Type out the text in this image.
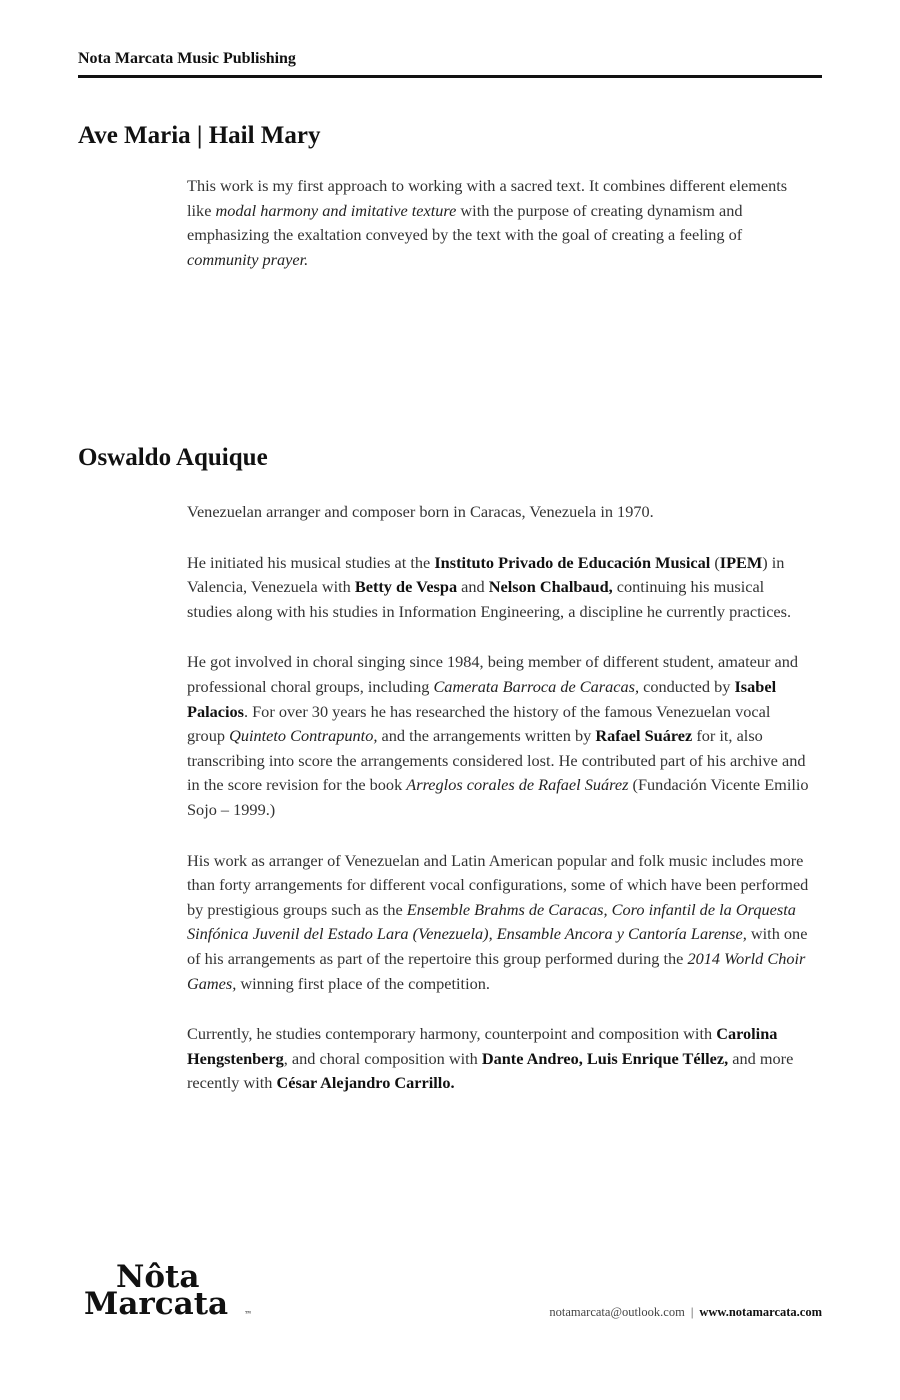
Nota Marcata Music Publishing
Ave Maria | Hail Mary

This work is my first approach to working with a sacred text. It combines different elements like modal harmony and imitative texture with the purpose of creating dynamism and emphasizing the exaltation conveyed by the text with the goal of creating a feeling of community prayer.

Oswaldo Aquique

Venezuelan arranger and composer born in Caracas, Venezuela in 1970.

He initiated his musical studies at the Instituto Privado de Educación Musical (IPEM) in Valencia, Venezuela with Betty de Vespa and Nelson Chalbaud, continuing his musical studies along with his studies in Information Engineering, a discipline he currently practices.

He got involved in choral singing since 1984, being member of different student, amateur and professional choral groups, including Camerata Barroca de Caracas, conducted by Isabel Palacios. For over 30 years he has researched the history of the famous Venezuelan vocal group Quinteto Contrapunto, and the arrangements written by Rafael Suárez for it, also transcribing into score the arrangements considered lost. He contributed part of his archive and in the score revision for the book Arreglos corales de Rafael Suárez (Fundación Vicente Emilio Sojo – 1999.)

His work as arranger of Venezuelan and Latin American popular and folk music includes more than forty arrangements for different vocal configurations, some of which have been performed by prestigious groups such as the Ensemble Brahms de Caracas, Coro infantil de la Orquesta Sinfónica Juvenil del Estado Lara (Venezuela), Ensamble Ancora y Cantoría Larense, with one of his arrangements as part of the repertoire this group performed during the 2014 World Choir Games, winning first place of the competition.

Currently, he studies contemporary harmony, counterpoint and composition with Carolina Hengstenberg, and choral composition with Dante Andreo, Luis Enrique Téllez, and more recently with César Alejandro Carrillo.

Nôta
Marcata ™	notamarcata@outlook.com | www.notamarcata.com
